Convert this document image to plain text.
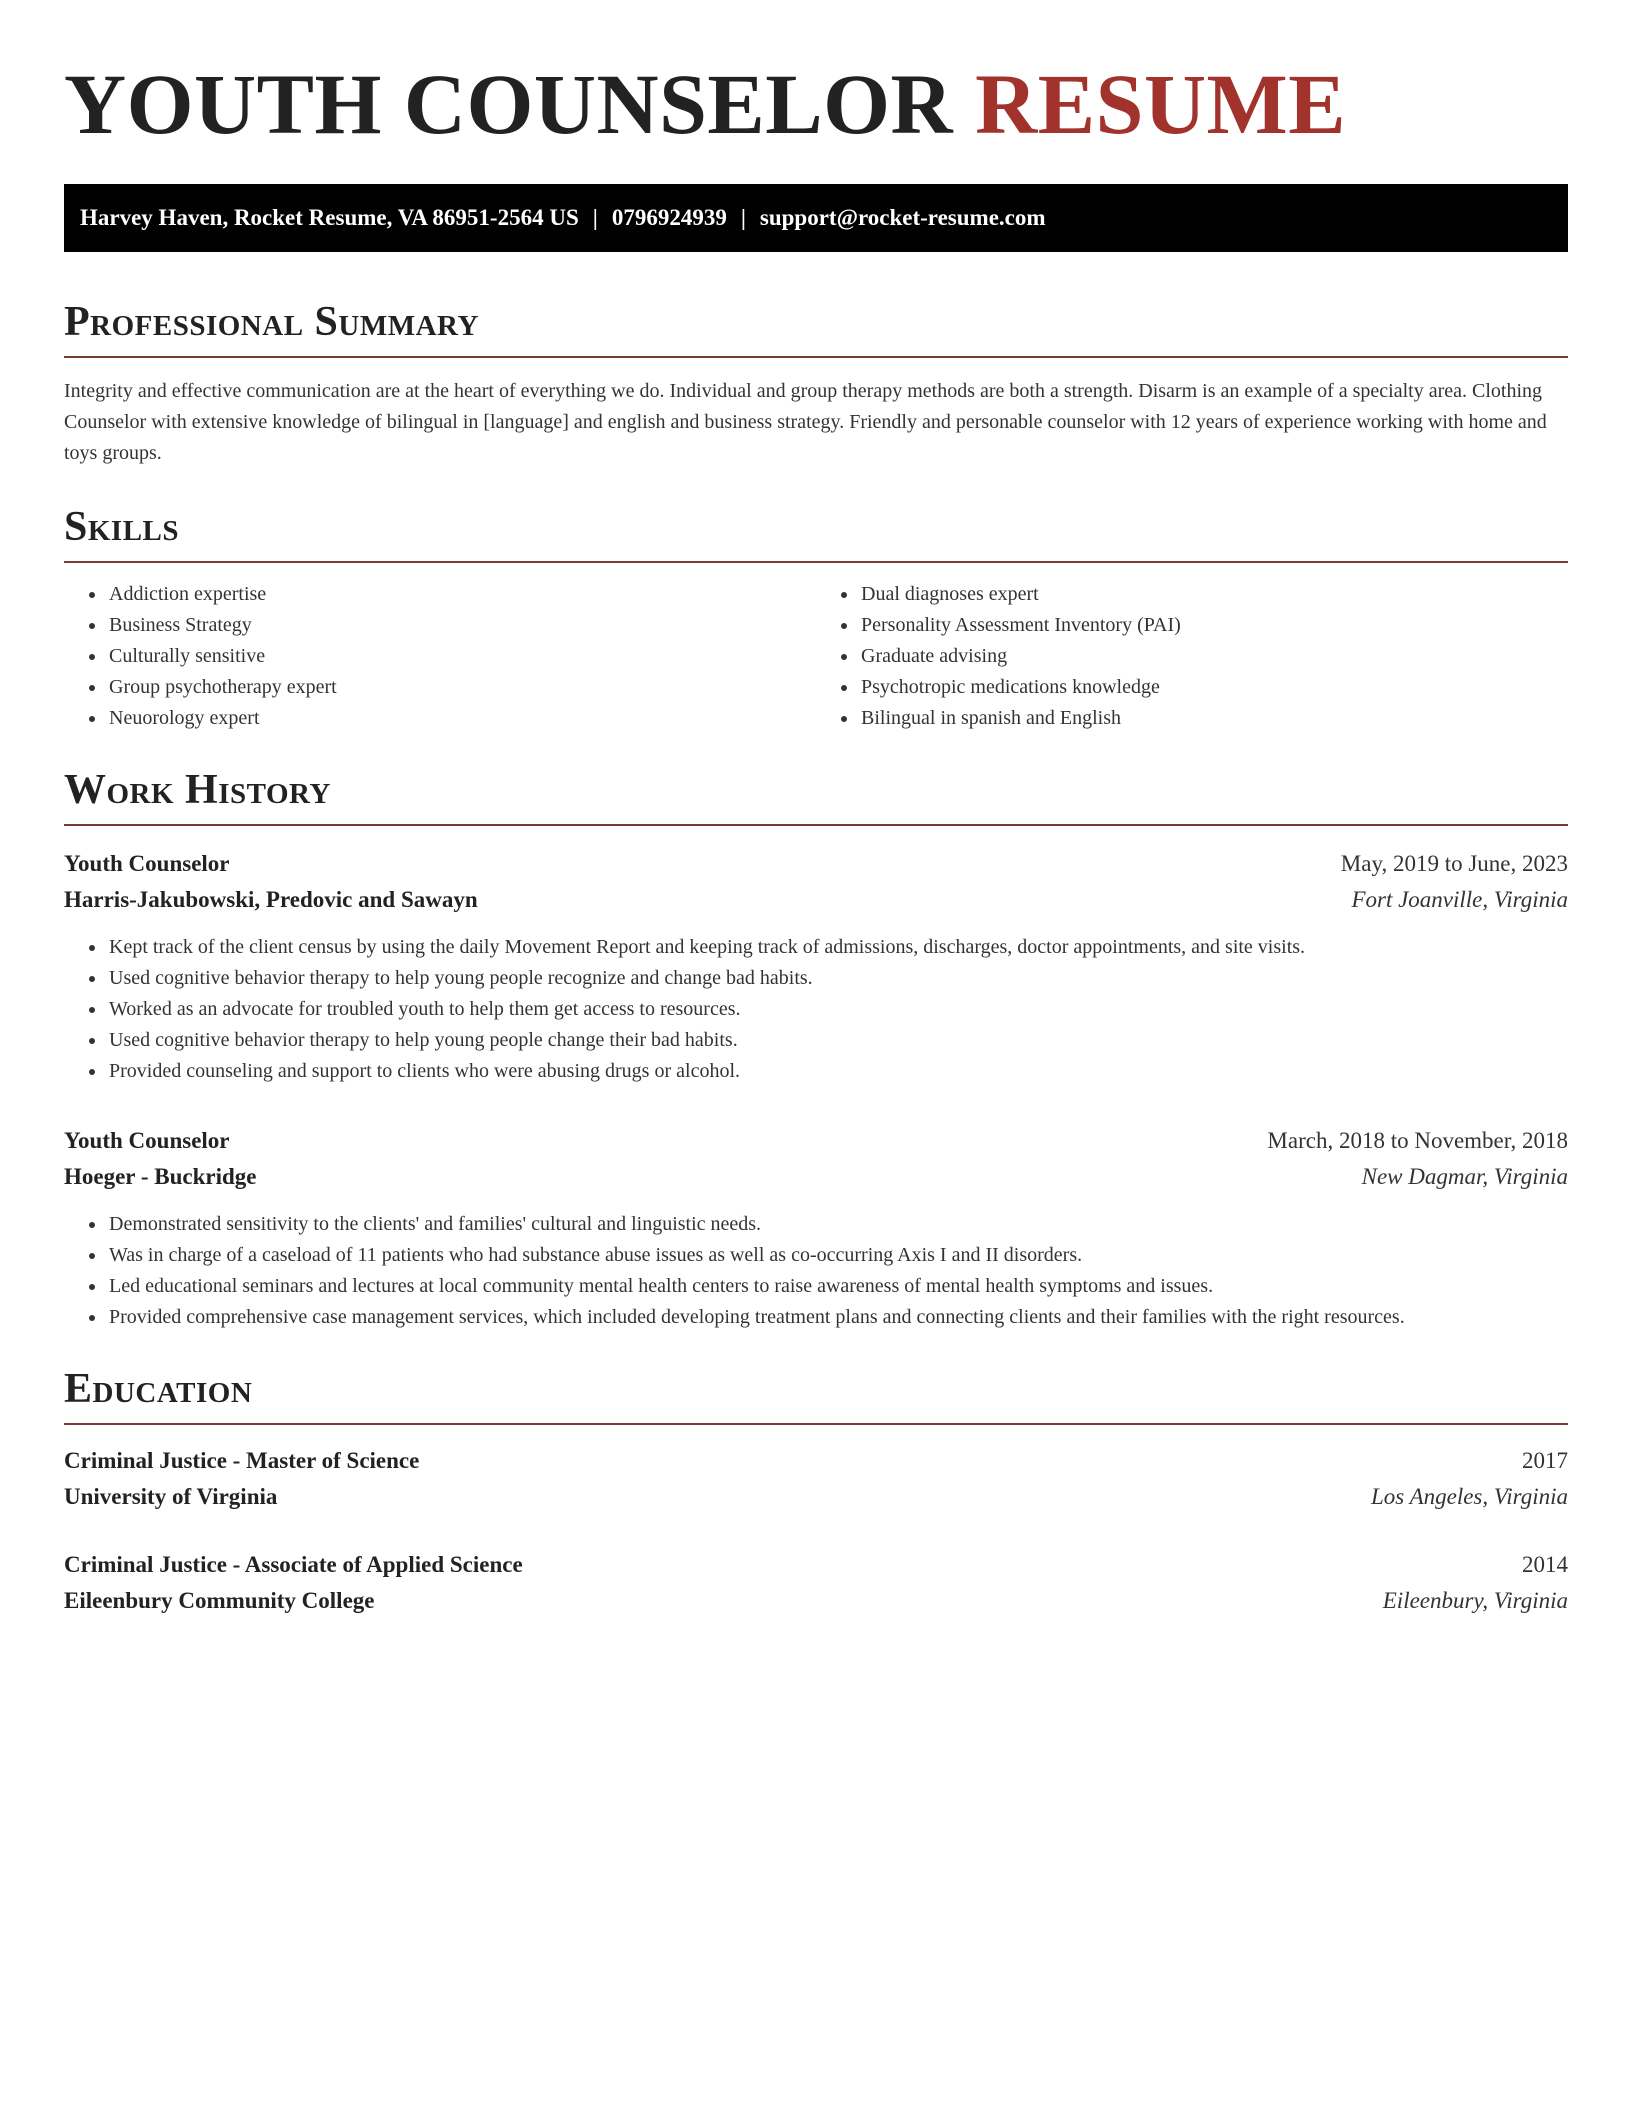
YOUTH COUNSELOR RESUME
Harvey Haven, Rocket Resume, VA 86951-2564 US | 0796924939 | support@rocket-resume.com
Professional Summary

Integrity and effective communication are at the heart of everything we do. Individual and group therapy methods are both a strength. Disarm is an example of a specialty area. Clothing Counselor with extensive knowledge of bilingual in [language] and english and business strategy. Friendly and personable counselor with 12 years of experience working with home and toys groups.

Skills
• Addiction expertise
• Business Strategy
• Culturally sensitive
• Group psychotherapy expert
• Neuorology expert
• Dual diagnoses expert
• Personality Assessment Inventory (PAI)
• Graduate advising
• Psychotropic medications knowledge
• Bilingual in spanish and English
Work History
Youth Counselor	May, 2019 to June, 2023
Harris-Jakubowski, Predovic and Sawayn	Fort Joanville, Virginia
• Kept track of the client census by using the daily Movement Report and keeping track of admissions, discharges, doctor appointments, and site visits.
• Used cognitive behavior therapy to help young people recognize and change bad habits.
• Worked as an advocate for troubled youth to help them get access to resources.
• Used cognitive behavior therapy to help young people change their bad habits.
• Provided counseling and support to clients who were abusing drugs or alcohol.
Youth Counselor	March, 2018 to November, 2018
Hoeger - Buckridge	New Dagmar, Virginia
• Demonstrated sensitivity to the clients' and families' cultural and linguistic needs.
• Was in charge of a caseload of 11 patients who had substance abuse issues as well as co-occurring Axis I and II disorders.
• Led educational seminars and lectures at local community mental health centers to raise awareness of mental health symptoms and issues.
• Provided comprehensive case management services, which included developing treatment plans and connecting clients and their families with the right resources.
Education
Criminal Justice - Master of Science	2017
University of Virginia	Los Angeles, Virginia
Criminal Justice - Associate of Applied Science	2014
Eileenbury Community College	Eileenbury, Virginia
